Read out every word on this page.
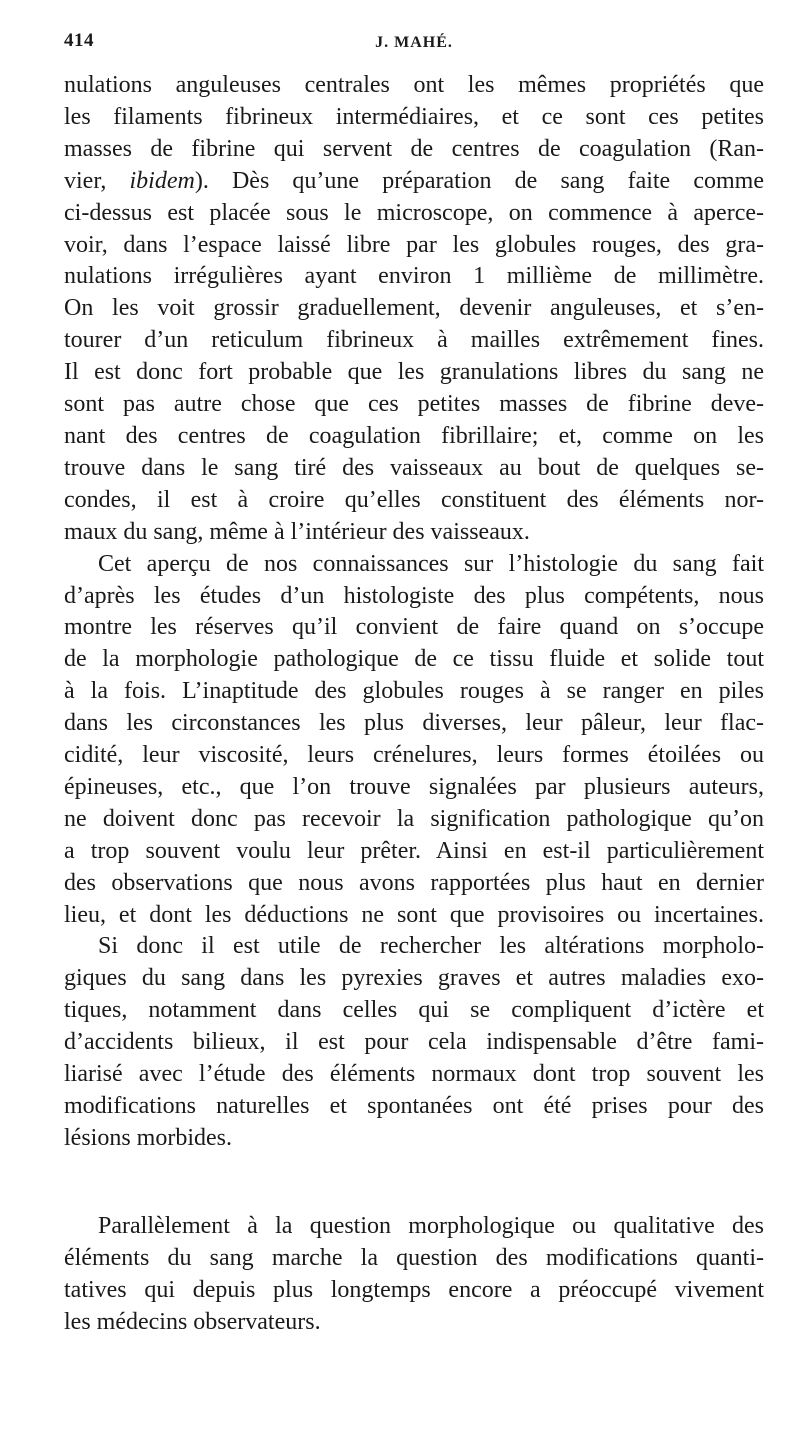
414	J. MAHÉ.
nulations anguleuses centrales ont les mêmes propriétés que
les filaments fibrineux intermédiaires, et ce sont ces petites
masses de fibrine qui servent de centres de coagulation (Ran-
vier, ibidem). Dès qu’une préparation de sang faite comme
ci-dessus est placée sous le microscope, on commence à aperce-
voir, dans l’espace laissé libre par les globules rouges, des gra-
nulations irrégulières ayant environ 1 millième de millimètre.
On les voit grossir graduellement, devenir anguleuses, et s’en-
tourer d’un reticulum fibrineux à mailles extrêmement fines.
Il est donc fort probable que les granulations libres du sang ne
sont pas autre chose que ces petites masses de fibrine deve-
nant des centres de coagulation fibrillaire; et, comme on les
trouve dans le sang tiré des vaisseaux au bout de quelques se-
condes, il est à croire qu’elles constituent des éléments nor-
maux du sang, même à l’intérieur des vaisseaux.
Cet aperçu de nos connaissances sur l’histologie du sang fait
d’après les études d’un histologiste des plus compétents, nous
montre les réserves qu’il convient de faire quand on s’occupe
de la morphologie pathologique de ce tissu fluide et solide tout
à la fois. L’inaptitude des globules rouges à se ranger en piles
dans les circonstances les plus diverses, leur pâleur, leur flac-
cidité, leur viscosité, leurs crénelures, leurs formes étoilées ou
épineuses, etc., que l’on trouve signalées par plusieurs auteurs,
ne doivent donc pas recevoir la signification pathologique qu’on
a trop souvent voulu leur prêter. Ainsi en est-il particulièrement
des observations que nous avons rapportées plus haut en dernier
lieu, et dont les déductions ne sont que provisoires ou incertaines.
Si donc il est utile de rechercher les altérations morpholo-
giques du sang dans les pyrexies graves et autres maladies exo-
tiques, notamment dans celles qui se compliquent d’ictère et
d’accidents bilieux, il est pour cela indispensable d’être fami-
liarisé avec l’étude des éléments normaux dont trop souvent les
modifications naturelles et spontanées ont été prises pour des
lésions morbides.
Parallèlement à la question morphologique ou qualitative des
éléments du sang marche la question des modifications quanti-
tatives qui depuis plus longtemps encore a préoccupé vivement
les médecins observateurs.
